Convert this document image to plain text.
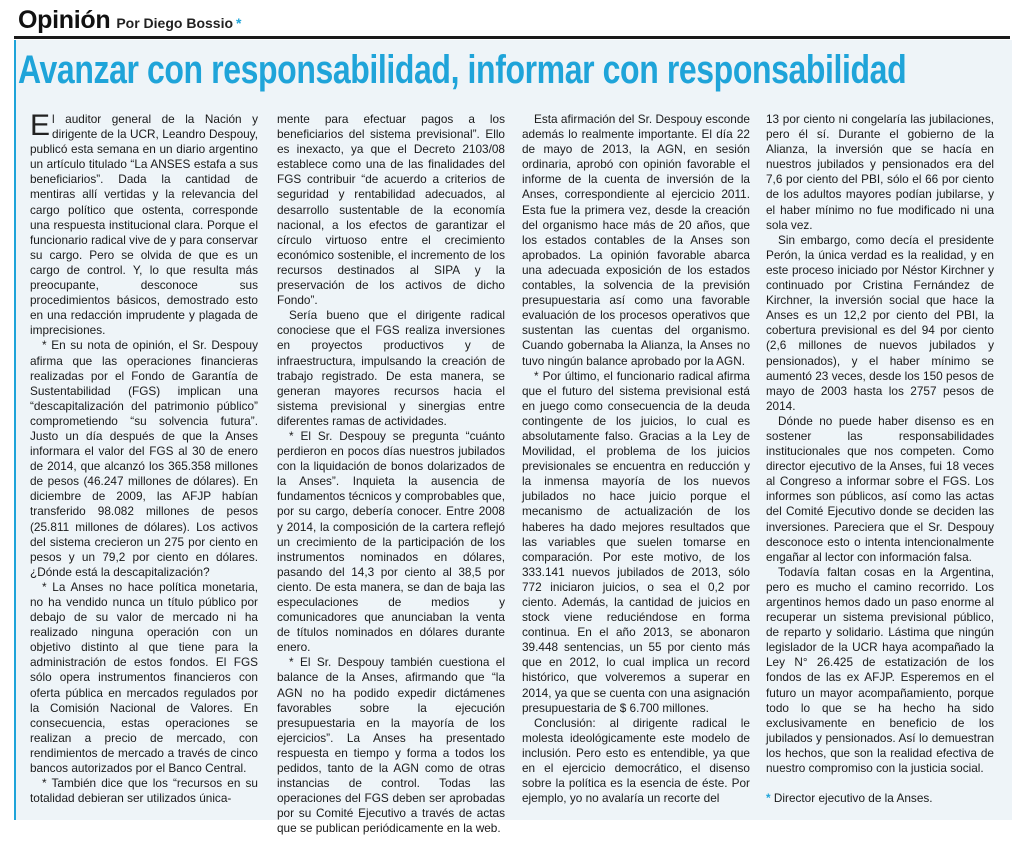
Opinión Por Diego Bossio *
Avanzar con responsabilidad, informar con responsabilidad

El auditor general de la Nación y dirigente de la UCR, Leandro Despouy, publicó esta semana en un diario argentino un artículo titulado “La ANSES estafa a sus beneficiarios”. Dada la cantidad de mentiras allí vertidas y la relevancia del cargo político que ostenta, corresponde una respuesta institucional clara. Porque el funcionario radical vive de y para conservar su cargo. Pero se olvida de que es un cargo de control. Y, lo que resulta más preocupante, desconoce sus procedimientos básicos, demostrado esto en una redacción imprudente y plagada de imprecisiones.

* En su nota de opinión, el Sr. Despouy afirma que las operaciones financieras realizadas por el Fondo de Garantía de Sustentabilidad (FGS) implican una “descapitalización del patrimonio público” comprometiendo “su solvencia futura”. Justo un día después de que la Anses informara el valor del FGS al 30 de enero de 2014, que alcanzó los 365.358 millones de pesos (46.247 millones de dólares). En diciembre de 2009, las AFJP habían transferido 98.082 millones de pesos (25.811 millones de dólares). Los activos del sistema crecieron un 275 por ciento en pesos y un 79,2 por ciento en dólares. ¿Dónde está la descapitalización?

* La Anses no hace política monetaria, no ha vendido nunca un título público por debajo de su valor de mercado ni ha realizado ninguna operación con un objetivo distinto al que tiene para la administración de estos fondos. El FGS sólo opera instrumentos financieros con oferta pública en mercados regulados por la Comisión Nacional de Valores. En consecuencia, estas operaciones se realizan a precio de mercado, con rendimientos de mercado a través de cinco bancos autorizados por el Banco Central.

* También dice que los “recursos en su totalidad debieran ser utilizados única-

mente para efectuar pagos a los beneficiarios del sistema previsional”. Ello es inexacto, ya que el Decreto 2103/08 establece como una de las finalidades del FGS contribuir “de acuerdo a criterios de seguridad y rentabilidad adecuados, al desarrollo sustentable de la economía nacional, a los efectos de garantizar el círculo virtuoso entre el crecimiento económico sostenible, el incremento de los recursos destinados al SIPA y la preservación de los activos de dicho Fondo”.

Sería bueno que el dirigente radical conociese que el FGS realiza inversiones en proyectos productivos y de infraestructura, impulsando la creación de trabajo registrado. De esta manera, se generan mayores recursos hacia el sistema previsional y sinergias entre diferentes ramas de actividades.

* El Sr. Despouy se pregunta “cuánto perdieron en pocos días nuestros jubilados con la liquidación de bonos dolarizados de la Anses”. Inquieta la ausencia de fundamentos técnicos y comprobables que, por su cargo, debería conocer. Entre 2008 y 2014, la composición de la cartera reflejó un crecimiento de la participación de los instrumentos nominados en dólares, pasando del 14,3 por ciento al 38,5 por ciento. De esta manera, se dan de baja las especulaciones de medios y comunicadores que anunciaban la venta de títulos nominados en dólares durante enero.

* El Sr. Despouy también cuestiona el balance de la Anses, afirmando que “la AGN no ha podido expedir dictámenes favorables sobre la ejecución presupuestaria en la mayoría de los ejercicios”. La Anses ha presentado respuesta en tiempo y forma a todos los pedidos, tanto de la AGN como de otras instancias de control. Todas las operaciones del FGS deben ser aprobadas por su Comité Ejecutivo a través de actas que se publican periódicamente en la web.

Esta afirmación del Sr. Despouy esconde además lo realmente importante. El día 22 de mayo de 2013, la AGN, en sesión ordinaria, aprobó con opinión favorable el informe de la cuenta de inversión de la Anses, correspondiente al ejercicio 2011. Esta fue la primera vez, desde la creación del organismo hace más de 20 años, que los estados contables de la Anses son aprobados. La opinión favorable abarca una adecuada exposición de los estados contables, la solvencia de la previsión presupuestaria así como una favorable evaluación de los procesos operativos que sustentan las cuentas del organismo. Cuando gobernaba la Alianza, la Anses no tuvo ningún balance aprobado por la AGN.

* Por último, el funcionario radical afirma que el futuro del sistema previsional está en juego como consecuencia de la deuda contingente de los juicios, lo cual es absolutamente falso. Gracias a la Ley de Movilidad, el problema de los juicios previsionales se encuentra en reducción y la inmensa mayoría de los nuevos jubilados no hace juicio porque el mecanismo de actualización de los haberes ha dado mejores resultados que las variables que suelen tomarse en comparación. Por este motivo, de los 333.141 nuevos jubilados de 2013, sólo 772 iniciaron juicios, o sea el 0,2 por ciento. Además, la cantidad de juicios en stock viene reduciéndose en forma continua. En el año 2013, se abonaron 39.448 sentencias, un 55 por ciento más que en 2012, lo cual implica un record histórico, que volveremos a superar en 2014, ya que se cuenta con una asignación presupuestaria de $ 6.700 millones.

Conclusión: al dirigente radical le molesta ideológicamente este modelo de inclusión. Pero esto es entendible, ya que en el ejercicio democrático, el disenso sobre la política es la esencia de éste. Por ejemplo, yo no avalaría un recorte del

13 por ciento ni congelaría las jubilaciones, pero él sí. Durante el gobierno de la Alianza, la inversión que se hacía en nuestros jubilados y pensionados era del 7,6 por ciento del PBI, sólo el 66 por ciento de los adultos mayores podían jubilarse, y el haber mínimo no fue modificado ni una sola vez.

Sin embargo, como decía el presidente Perón, la única verdad es la realidad, y en este proceso iniciado por Néstor Kirchner y continuado por Cristina Fernández de Kirchner, la inversión social que hace la Anses es un 12,2 por ciento del PBI, la cobertura previsional es del 94 por ciento (2,6 millones de nuevos jubilados y pensionados), y el haber mínimo se aumentó 23 veces, desde los 150 pesos de mayo de 2003 hasta los 2757 pesos de 2014.

Dónde no puede haber disenso es en sostener las responsabilidades institucionales que nos competen. Como director ejecutivo de la Anses, fui 18 veces al Congreso a informar sobre el FGS. Los informes son públicos, así como las actas del Comité Ejecutivo donde se deciden las inversiones. Pareciera que el Sr. Despouy desconoce esto o intenta intencionalmente engañar al lector con información falsa.

Todavía faltan cosas en la Argentina, pero es mucho el camino recorrido. Los argentinos hemos dado un paso enorme al recuperar un sistema previsional público, de reparto y solidario. Lástima que ningún legislador de la UCR haya acompañado la Ley N° 26.425 de estatización de los fondos de las ex AFJP. Esperemos en el futuro un mayor acompañamiento, porque todo lo que se ha hecho ha sido exclusivamente en beneficio de los jubilados y pensionados. Así lo demuestran los hechos, que son la realidad efectiva de nuestro compromiso con la justicia social.

* Director ejecutivo de la Anses.
